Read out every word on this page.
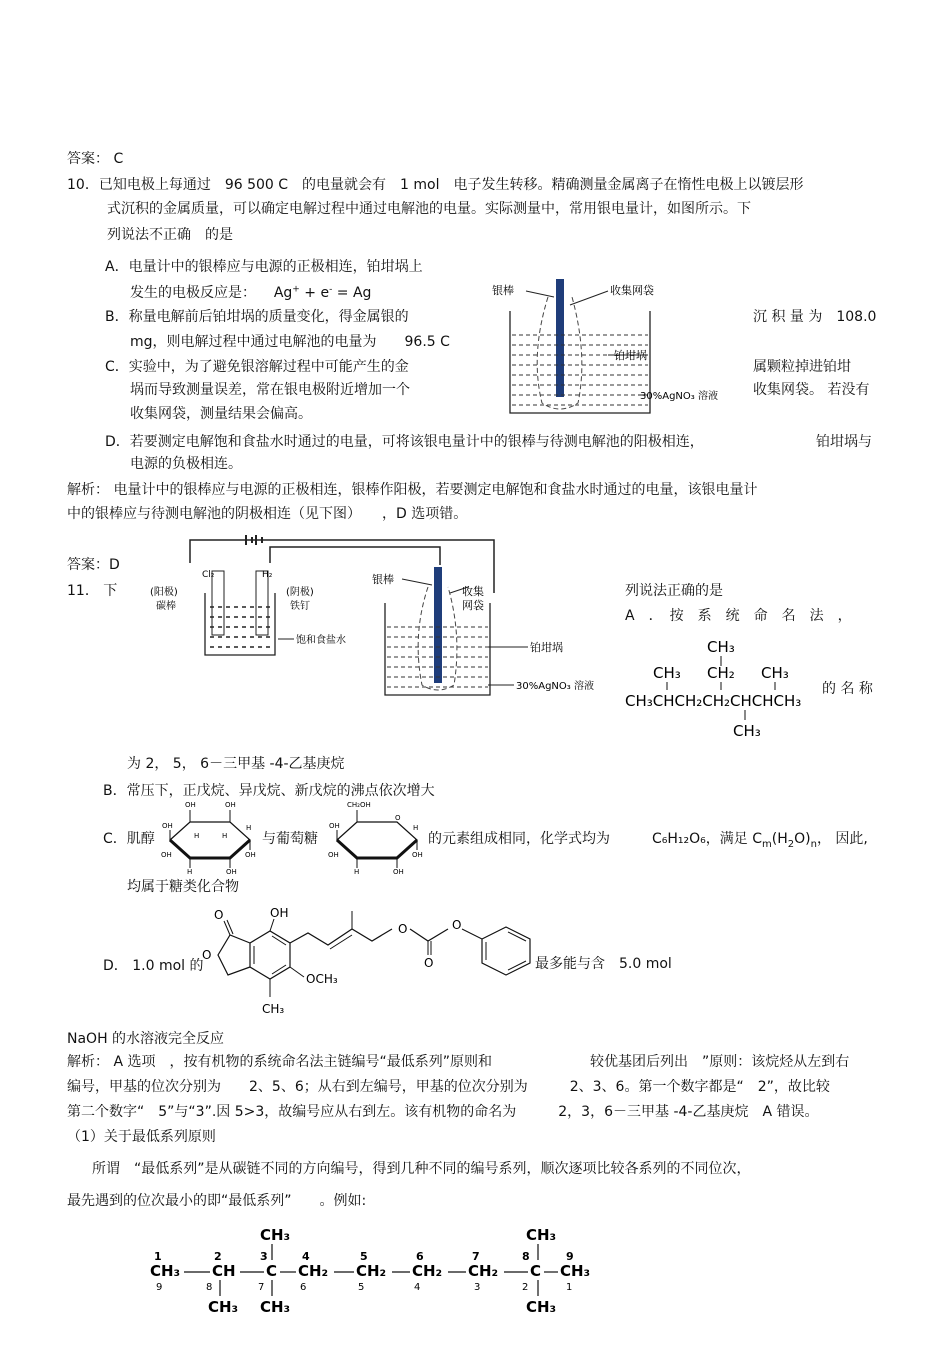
答案： C
10．已知电极上每通过　96 500 C　的电量就会有　1 mol　电子发生转移。精确测量金属离子在惰性电极上以镀层形
式沉积的金属质量，可以确定电解过程中通过电解池的电量。实际测量中，常用银电量计，如图所示。下
列说法不正确　的是
A．电量计中的银棒应与电源的正极相连，铂坩埚上
发生的电极反应是： Ag+ + e- = Ag
B．称量电解前后铂坩埚的质量变化，得金属银的	沉 积 量 为　108.0
mg，则电解过程中通过电解池的电量为　　96.5 C
C．实验中，为了避免银溶解过程中可能产生的金	属颗粒掉进铂坩
埚而导致测量误差，常在银电极附近增加一个	收集网袋。 若没有
收集网袋，测量结果会偏高。
D．若要测定电解饱和食盐水时通过的电量，可将该银电量计中的银棒与待测电解池的阳极相连，	铂坩埚与
电源的负极相连。
解析： 电量计中的银棒应与电源的正极相连，银棒作阳极，若要测定电解饱和食盐水时通过的电量，该银电量计
中的银棒应与待测电解池的阴极相连（见下图）　　，D 选项错。
答案：D
银棒	收集网袋
铂坩埚
30%AgNO₃ 溶液
Cl₂	H₂
(阳极)
碳棒
(阴极)
铁钉
饱和食盐水
银棒
收集
网袋
铂坩埚
30%AgNO₃ 溶液
11． 下	列说法正确的是
A　．　按　系　统　命　名　法　，
CH₃
CH₃ CH₂ CH₃
CH₃CHCH₂CH₂CHCHCH₃
CH₃
的 名 称
为 2， 5， 6－三甲基 -4-乙基庚烷
B．常压下，正戊烷、异戊烷、新戊烷的沸点依次增大
C．肌醇
OH	OH
OH
OH
OH
OH
H
H
H	H 与葡萄糖
CH₂OH
O
OH
OH
OH
OH
H
H
的元素组成相同，化学式均为	C₆H₁₂O₆，满足 $C_m(H_2O)_n$， 因此,
均属于糖类化合物
D． 1.0 mol 的
O
O
OH
OCH₃
CH₃
O
O
O
最多能与含　5.0 mol
NaOH 的水溶液完全反应
解析： A 选项　，按有机物的系统命名法主链编号“最低系列”原则和	较优基团后列出　”原则：该烷烃从左到右
编号，甲基的位次分别为　　2、5、6；从右到左编号，甲基的位次分别为　　　2、3、6。第一个数字都是“　2”，故比较
第二个数字“　5”与“3”.因 5>3，故编号应从右到左。该有机物的命名为　　　2，3，6－三甲基 -4-乙基庚烷　A 错误。
（1）关于最低系列原则
所谓　“最低系列”是从碳链不同的方向编号，得到几种不同的编号系列，顺次逐项比较各系列的不同位次，
最先遇到的位次最小的即“最低系列”　　。例如:
CH₃	CH₃
CH₃ CH C CH₂ CH₂ CH₂ CH₂ C CH₃
CH₃ CH₃	CH₃
1	2	3	4	5	6	7	8	9
9	8	7	6	5	4	3	2	1
